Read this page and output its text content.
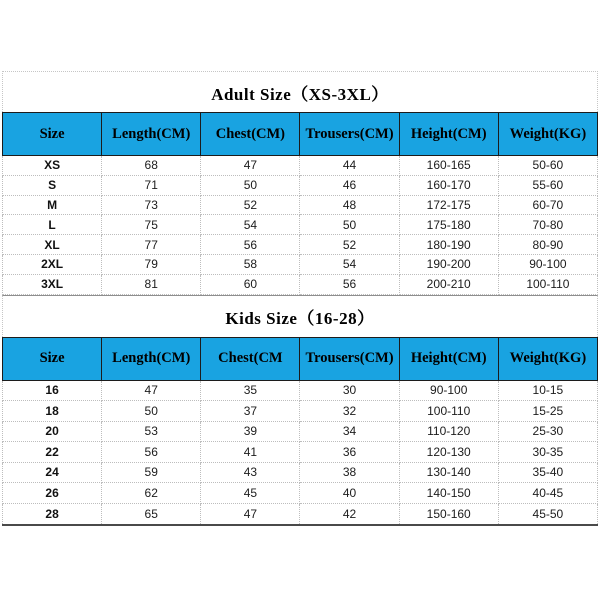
Adult Size（XS-3XL）
Size	Length(CM)	Chest(CM)	Trousers(CM)	Height(CM)	Weight(KG)
XS	68	47	44	160-165	50-60
S	71	50	46	160-170	55-60
M	73	52	48	172-175	60-70
L	75	54	50	175-180	70-80
XL	77	56	52	180-190	80-90
2XL	79	58	54	190-200	90-100
3XL	81	60	56	200-210	100-110
Kids Size（16-28）
Size	Length(CM)	Chest(CM	Trousers(CM)	Height(CM)	Weight(KG)
16	47	35	30	90-100	10-15
18	50	37	32	100-110	15-25
20	53	39	34	110-120	25-30
22	56	41	36	120-130	30-35
24	59	43	38	130-140	35-40
26	62	45	40	140-150	40-45
28	65	47	42	150-160	45-50
